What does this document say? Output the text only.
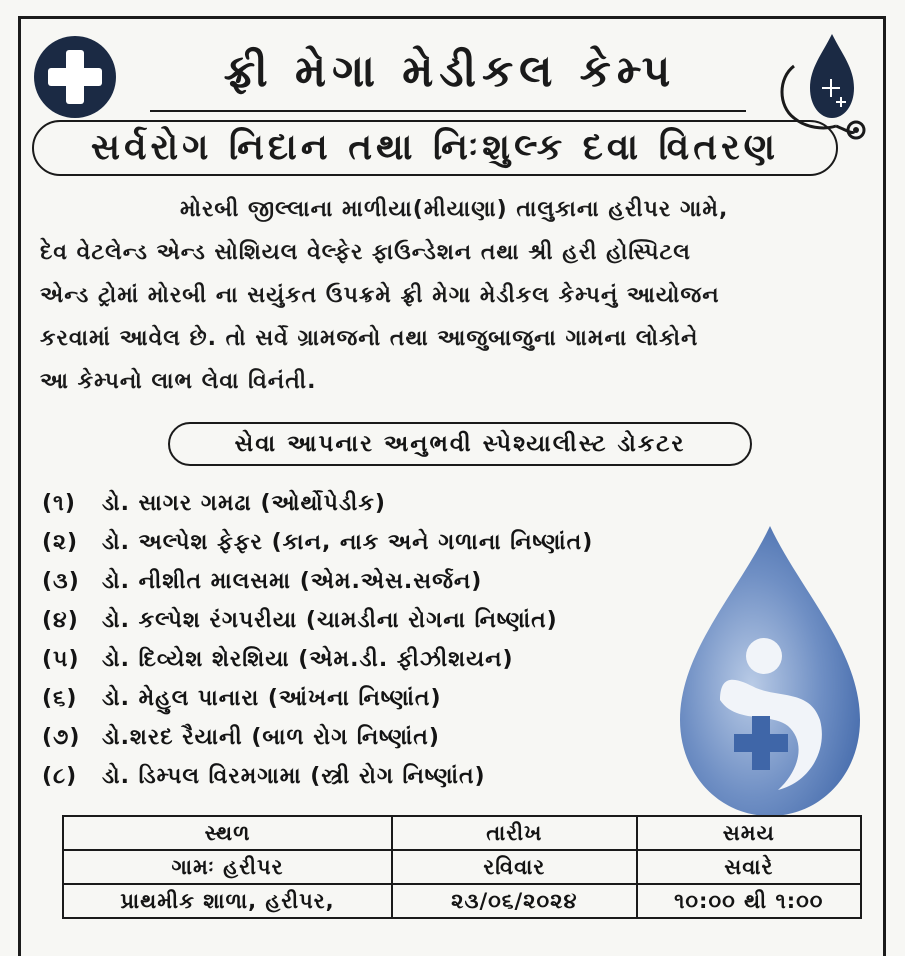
ફ્રી મેગા મેડીકલ કેમ્પ
સર્વરોગ નિદાન તથા નિઃશુલ્ક દવા વિતરણ

મોરબી જીલ્લાના માળીયા(મીયાણા) તાલુકાના હરીપર ગામે,

દેવ વેટલેન્ડ એન્ડ સોશિયલ વેલ્ફેર ફાઉન્ડેશન તથા શ્રી હરી હોસ્પિટલ

એન્ડ ટ્રોમાં મોરબી ના સયુંકત ઉપક્રમે ફ્રી મેગા મેડીકલ કેમ્પનું આયોજન

કરવામાં આવેલ છે. તો સર્વે ગ્રામજનો તથા આજુબાજુના ગામના લોકોને

આ કેમ્પનો લાભ લેવા વિનંતી.

સેવા આપનાર અનુભવી સ્પેશ્યાલીસ્ટ ડોકટર
(૧) ડો. સાગર ગમઢા (ઓર્થોપેડીક)
(૨) ડો. અલ્પેશ ફેફર (કાન, નાક અને ગળાના નિષ્ણાંત)
(૩) ડો. નીશીત માલસમા (એમ.એસ.સર્જન)
(૪) ડો. કલ્પેશ રંગપરીયા (ચામડીના રોગના નિષ્ણાંત)
(૫) ડો. દિવ્યેશ શેરશિયા (એમ.ડી. ફીઝીશયન)
(૬) ડો. મેહુલ પાનારા (આંખના નિષ્ણાંત)
(૭) ડો.શરદ રૈયાની (બાળ રોગ નિષ્ણાંત)
(૮) ડો. ડિમ્પલ વિરમગામા (સ્ત્રી રોગ નિષ્ણાંત)
સ્થળ	તારીખ	સમય
ગામઃ હરીપર	રવિવાર	સવારે
પ્રાથમીક શાળા, હરીપર,	૨૩/૦૬/૨૦૨૪	૧૦:૦૦ થી ૧:૦૦
